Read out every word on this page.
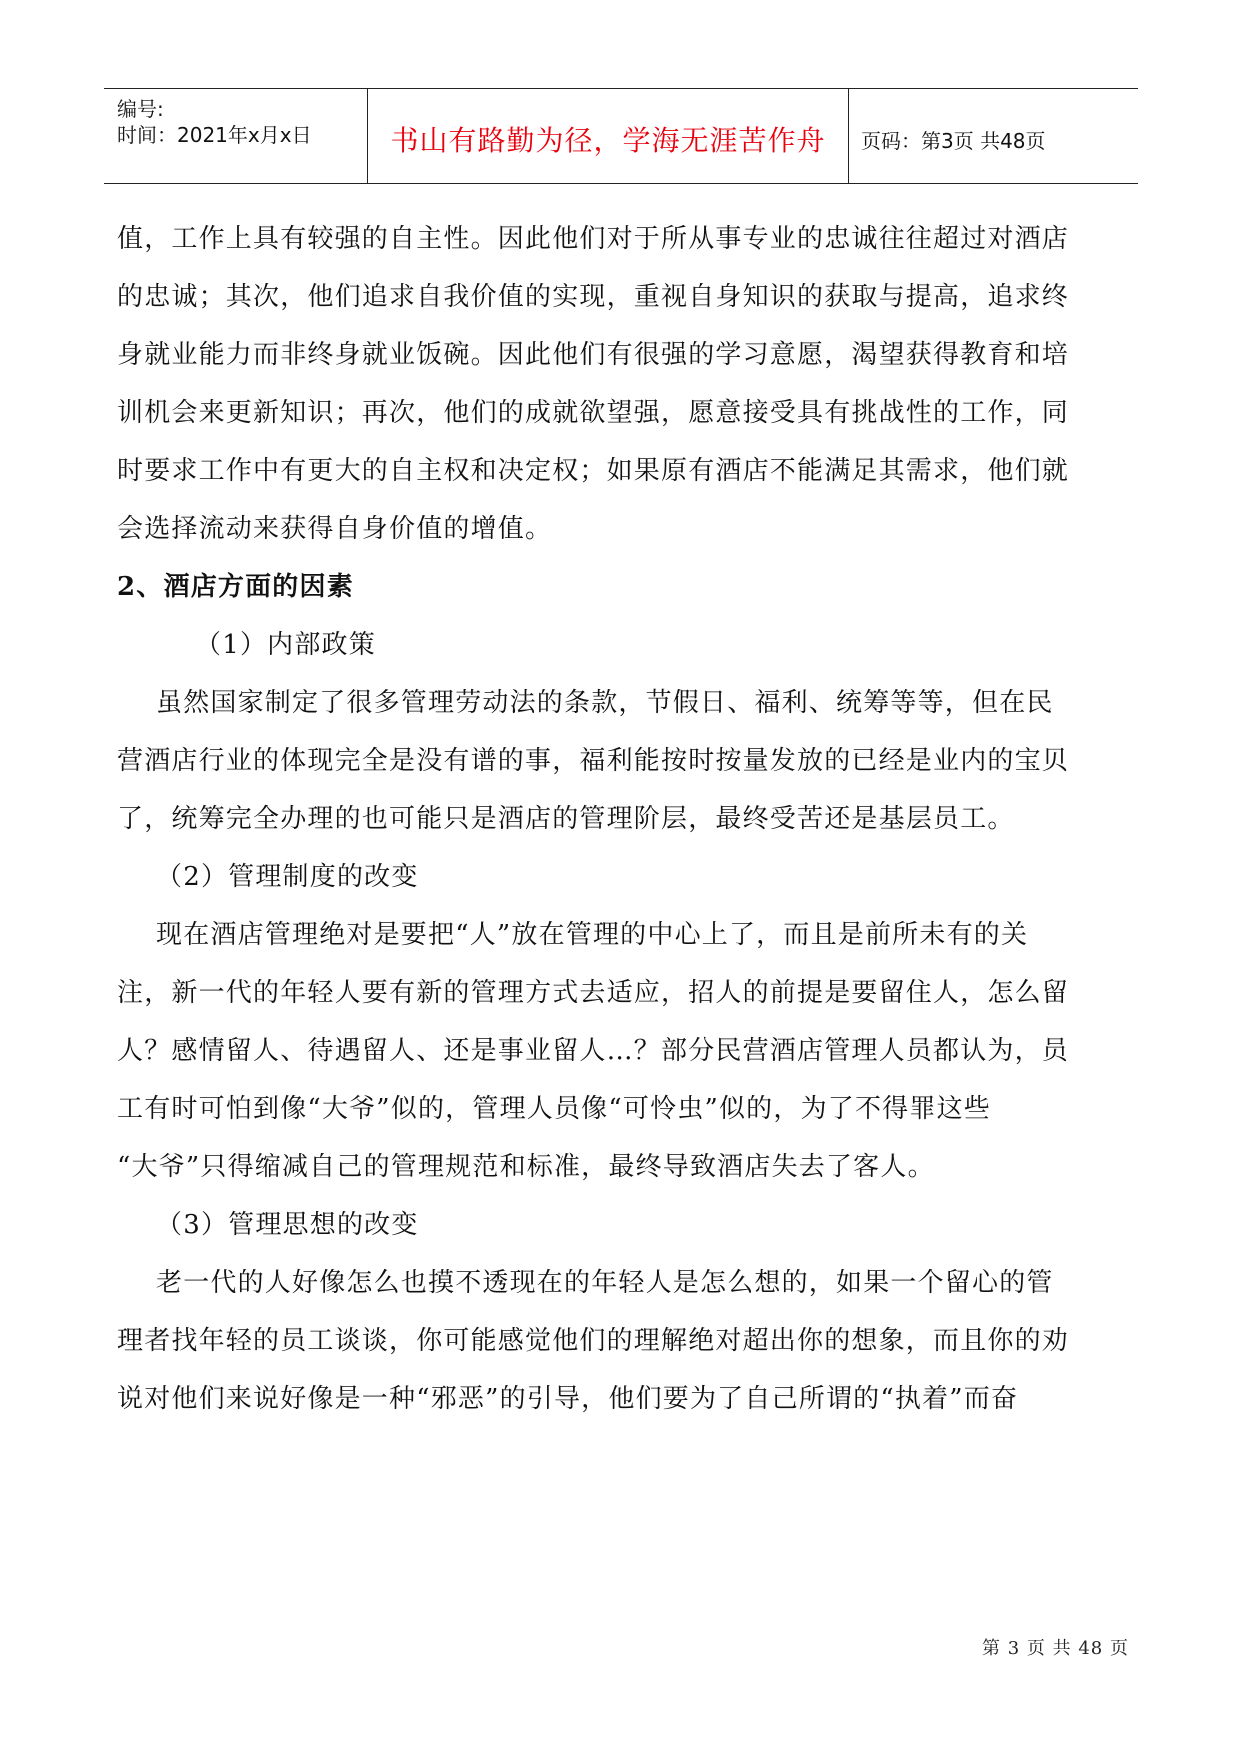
编号:
时间：2021年x月x日	书山有路勤为径，学海无涯苦作舟	页码：第3页 共48页
值，工作上具有较强的自主性。因此他们对于所从事专业的忠诚往往超过对酒店
的忠诚；其次，他们追求自我价值的实现，重视自身知识的获取与提高，追求终
身就业能力而非终身就业饭碗。因此他们有很强的学习意愿，渴望获得教育和培
训机会来更新知识；再次，他们的成就欲望强，愿意接受具有挑战性的工作，同
时要求工作中有更大的自主权和决定权；如果原有酒店不能满足其需求，他们就
会选择流动来获得自身价值的增值。
2、酒店方面的因素
（1）内部政策
虽然国家制定了很多管理劳动法的条款，节假日、福利、统筹等等，但在民
营酒店行业的体现完全是没有谱的事，福利能按时按量发放的已经是业内的宝贝
了，统筹完全办理的也可能只是酒店的管理阶层，最终受苦还是基层员工。
（2）管理制度的改变
现在酒店管理绝对是要把“人”放在管理的中心上了，而且是前所未有的关
注，新一代的年轻人要有新的管理方式去适应，招人的前提是要留住人，怎么留
人？感情留人、待遇留人、还是事业留人…？部分民营酒店管理人员都认为，员
工有时可怕到像“大爷”似的，管理人员像“可怜虫”似的，为了不得罪这些
“大爷”只得缩减自己的管理规范和标准，最终导致酒店失去了客人。
（3）管理思想的改变
老一代的人好像怎么也摸不透现在的年轻人是怎么想的，如果一个留心的管
理者找年轻的员工谈谈，你可能感觉他们的理解绝对超出你的想象，而且你的劝
说对他们来说好像是一种“邪恶”的引导，他们要为了自己所谓的“执着”而奋
第 3 页 共 48 页
